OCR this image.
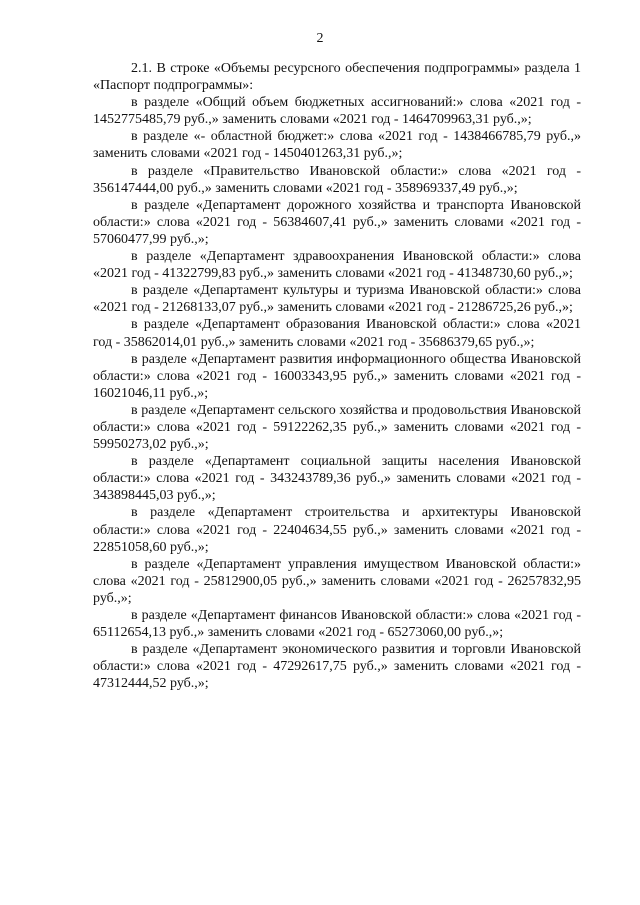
2

2.1. В строке «Объемы ресурсного обеспечения подпрограммы» раздела 1 «Паспорт подпрограммы»:

в разделе «Общий объем бюджетных ассигнований:» слова «2021 год - 1452775485,79 руб.,» заменить словами «2021 год - 1464709963,31 руб.,»;

в разделе «- областной бюджет:» слова «2021 год - 1438466785,79 руб.,» заменить словами «2021 год - 1450401263,31 руб.,»;

в разделе «Правительство Ивановской области:» слова «2021 год - 356147444,00 руб.,» заменить словами «2021 год - 358969337,49 руб.,»;

в разделе «Департамент дорожного хозяйства и транспорта Ивановской области:» слова «2021 год - 56384607,41 руб.,» заменить словами «2021 год - 57060477,99 руб.,»;

в разделе «Департамент здравоохранения Ивановской области:» слова «2021 год - 41322799,83 руб.,» заменить словами «2021 год - 41348730,60 руб.,»;

в разделе «Департамент культуры и туризма Ивановской области:» слова «2021 год - 21268133,07 руб.,» заменить словами «2021 год - 21286725,26 руб.,»;

в разделе «Департамент образования Ивановской области:» слова «2021 год - 35862014,01 руб.,» заменить словами «2021 год - 35686379,65 руб.,»;

в разделе «Департамент развития информационного общества Ивановской области:» слова «2021 год - 16003343,95 руб.,» заменить словами «2021 год - 16021046,11 руб.,»;

в разделе «Департамент сельского хозяйства и продовольствия Ивановской области:» слова «2021 год - 59122262,35 руб.,» заменить словами «2021 год - 59950273,02 руб.,»;

в разделе «Департамент социальной защиты населения Ивановской области:» слова «2021 год - 343243789,36 руб.,» заменить словами «2021 год - 343898445,03 руб.,»;

в разделе «Департамент строительства и архитектуры Ивановской области:» слова «2021 год - 22404634,55 руб.,» заменить словами «2021 год - 22851058,60 руб.,»;

в разделе «Департамент управления имуществом Ивановской области:» слова «2021 год - 25812900,05 руб.,» заменить словами «2021 год - 26257832,95 руб.,»;

в разделе «Департамент финансов Ивановской области:» слова «2021 год - 65112654,13 руб.,» заменить словами «2021 год - 65273060,00 руб.,»;

в разделе «Департамент экономического развития и торговли Ивановской области:» слова «2021 год - 47292617,75 руб.,» заменить словами «2021 год - 47312444,52 руб.,»;
